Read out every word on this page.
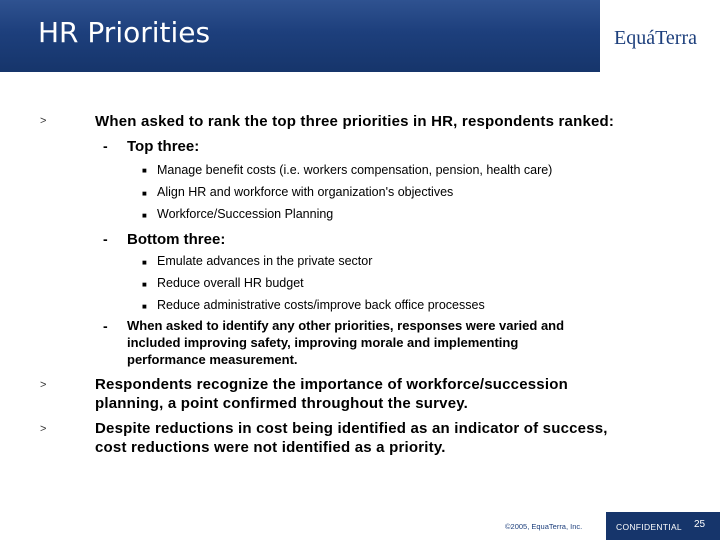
HR Priorities	EquáTerra
>	When asked to rank the top three priorities in HR, respondents ranked:
- Top three:
■ Manage benefit costs (i.e. workers compensation, pension, health care)
■ Align HR and workforce with organization's objectives
■ Workforce/Succession Planning
- Bottom three:
■ Emulate advances in the private sector
■ Reduce overall HR budget
■ Reduce administrative costs/improve back office processes
- When asked to identify any other priorities, responses were varied and
included improving safety, improving morale and implementing
performance measurement.
>	Respondents recognize the importance of workforce/succession
planning, a point confirmed throughout the survey.
>	Despite reductions in cost being identified as an indicator of success,
cost reductions were not identified as a priority.
©2005, EquaTerra, Inc.	CONFIDENTIAL 25
